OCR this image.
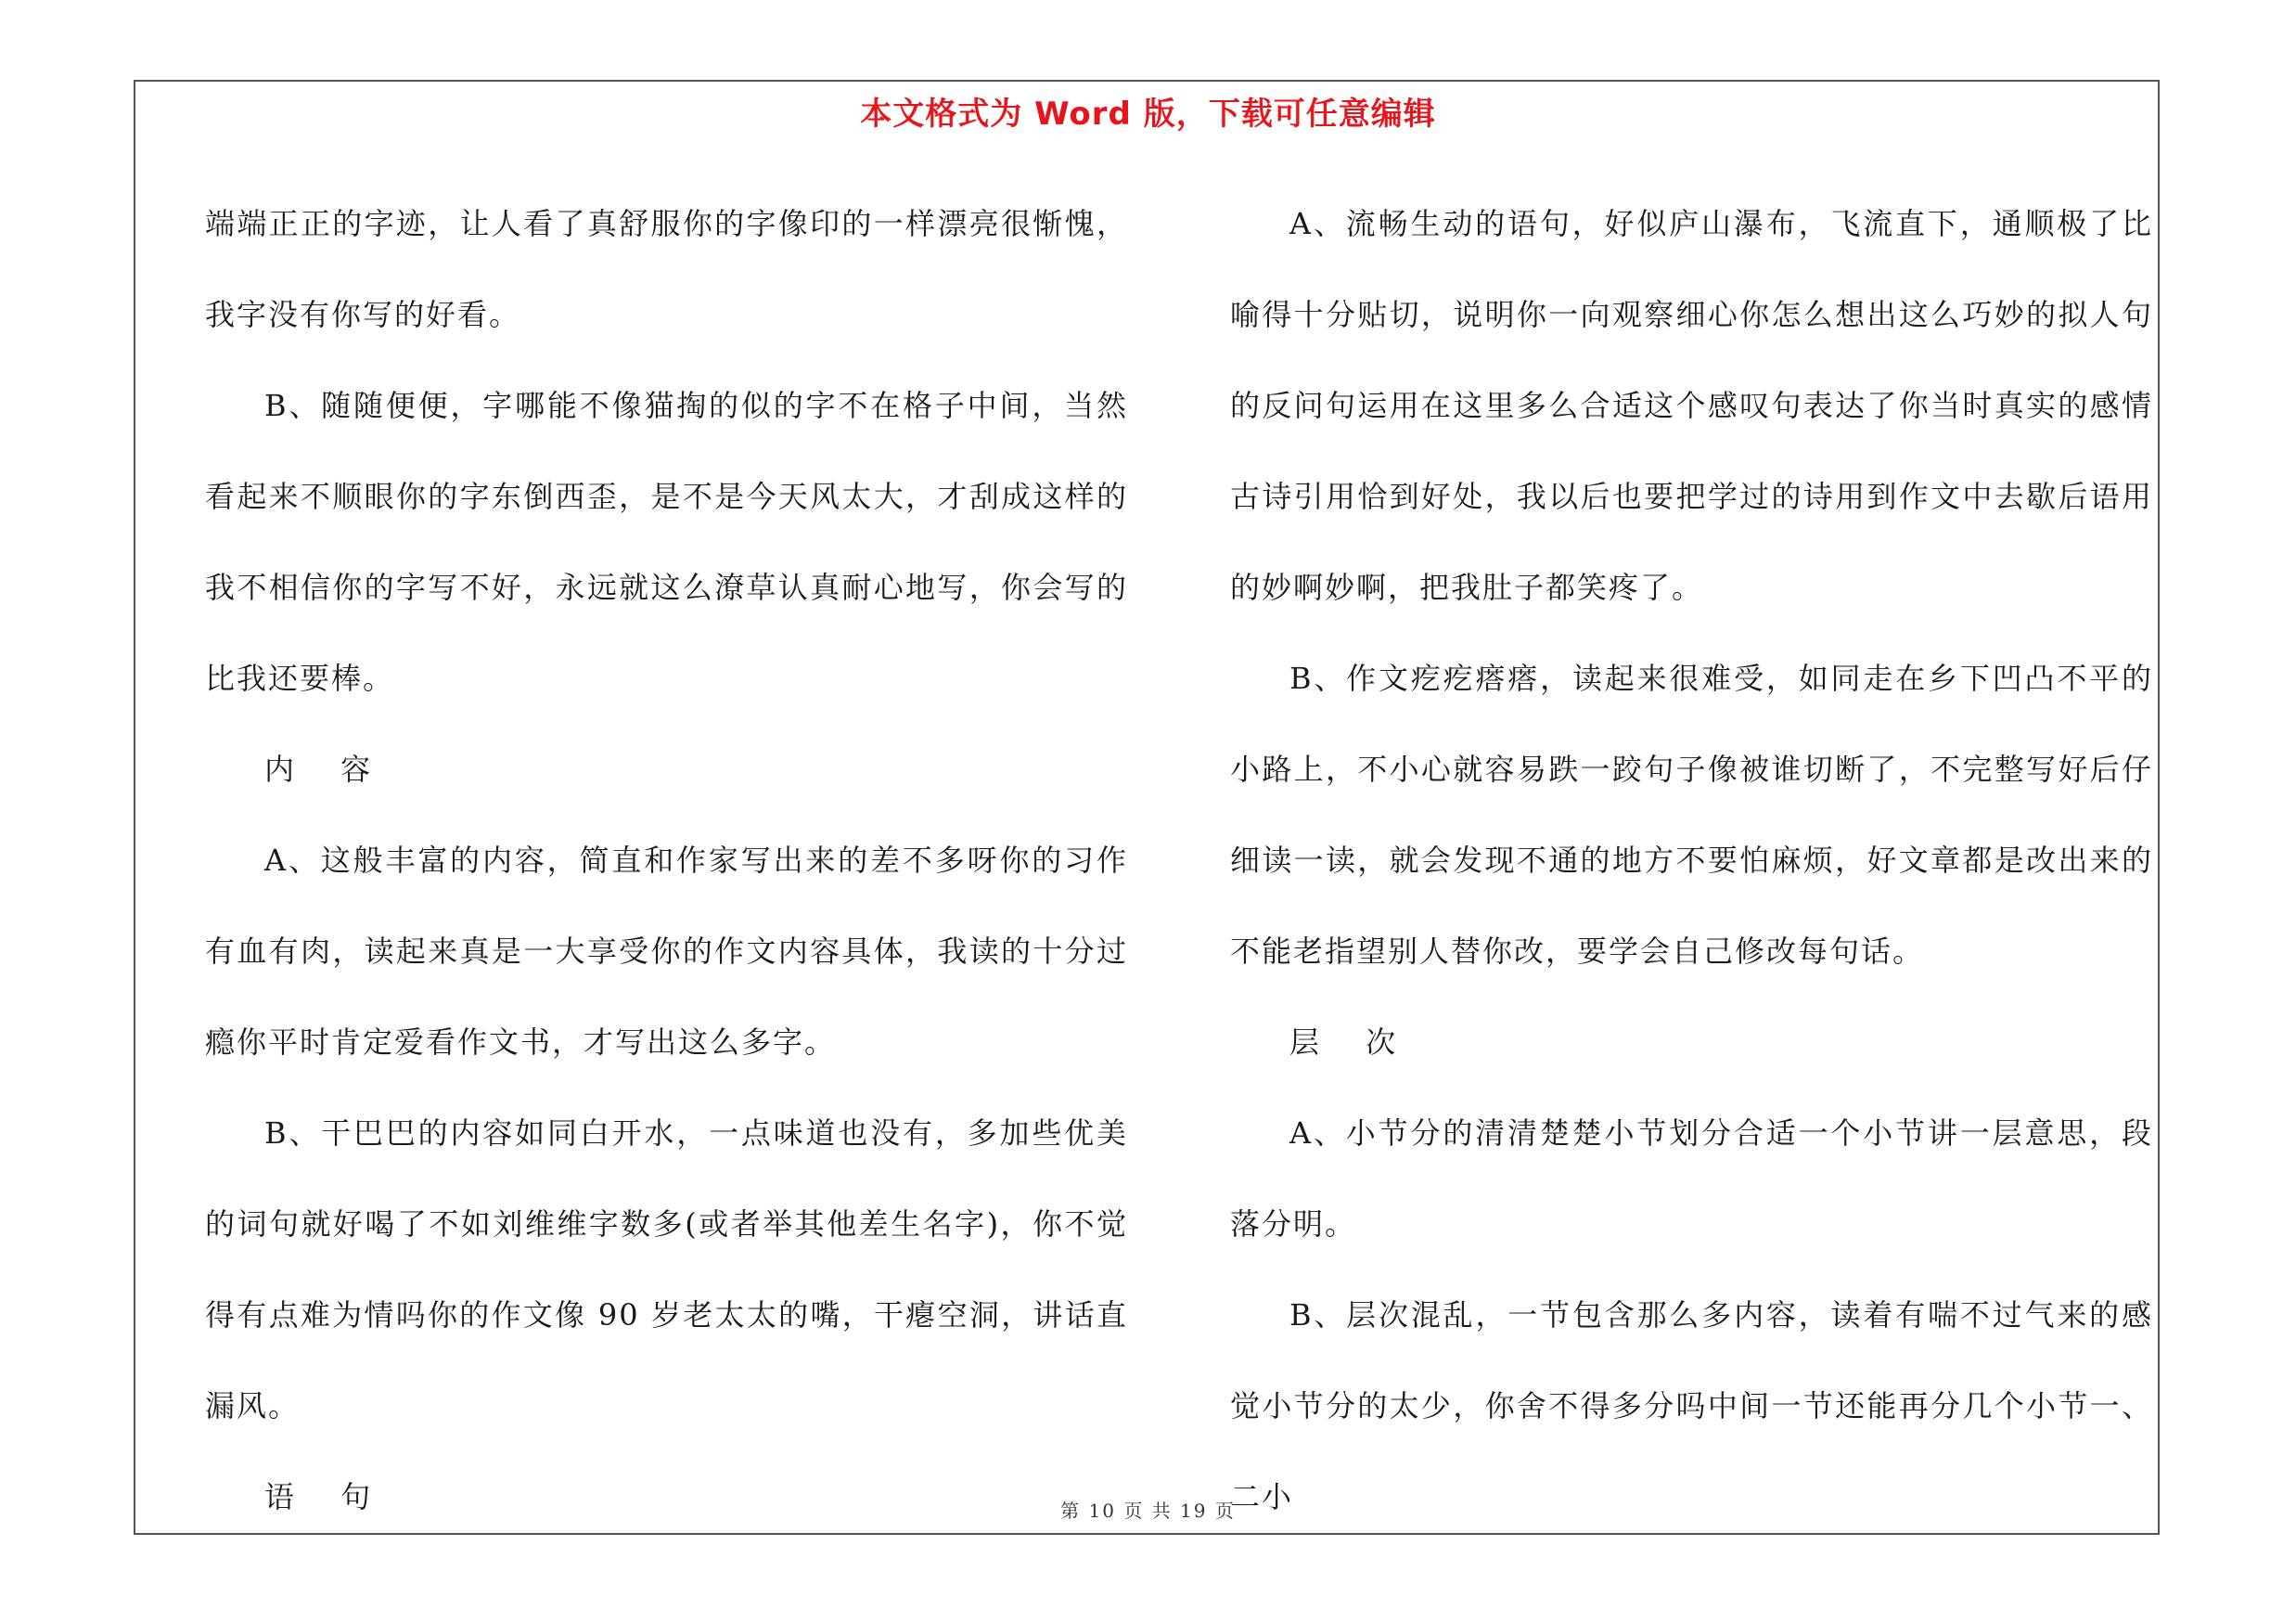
本文格式为 Word 版，下载可任意编辑

端端正正的字迹，让人看了真舒服你的字像印的一样漂亮很惭愧，我字没有你写的好看。

B、随随便便，字哪能不像猫掏的似的字不在格子中间，当然看起来不顺眼你的字东倒西歪，是不是今天风太大，才刮成这样的我不相信你的字写不好，永远就这么潦草认真耐心地写，你会写的比我还要棒。

内 容

A、这般丰富的内容，简直和作家写出来的差不多呀你的习作有血有肉，读起来真是一大享受你的作文内容具体，我读的十分过瘾你平时肯定爱看作文书，才写出这么多字。

B、干巴巴的内容如同白开水，一点味道也没有，多加些优美的词句就好喝了不如刘维维字数多(或者举其他差生名字)，你不觉得有点难为情吗你的作文像 90 岁老太太的嘴，干瘪空洞，讲话直漏风。

语 句

A、流畅生动的语句，好似庐山瀑布，飞流直下，通顺极了比喻得十分贴切，说明你一向观察细心你怎么想出这么巧妙的拟人句的反问句运用在这里多么合适这个感叹句表达了你当时真实的感情古诗引用恰到好处，我以后也要把学过的诗用到作文中去歇后语用的妙啊妙啊，把我肚子都笑疼了。

B、作文疙疙瘩瘩，读起来很难受，如同走在乡下凹凸不平的小路上，不小心就容易跌一跤句子像被谁切断了，不完整写好后仔细读一读，就会发现不通的地方不要怕麻烦，好文章都是改出来的不能老指望别人替你改，要学会自己修改每句话。

层 次

A、小节分的清清楚楚小节划分合适一个小节讲一层意思，段落分明。

B、层次混乱，一节包含那么多内容，读着有喘不过气来的感觉小节分的太少，你舍不得多分吗中间一节还能再分几个小节一、二小

第 10 页 共 19 页
